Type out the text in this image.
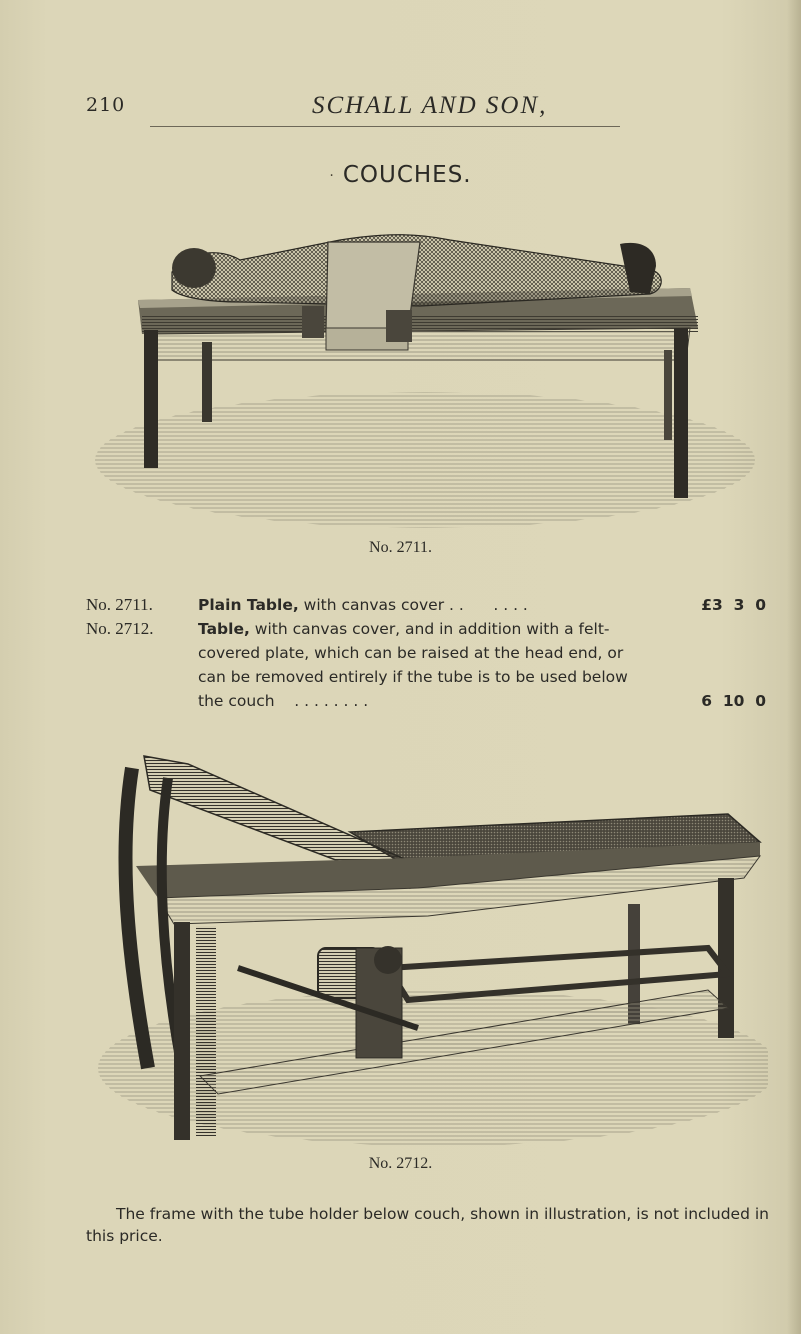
210	SCHALL AND SON,
· COUCHES.
No. 2711.
No. 2711.	Plain Table, with canvas cover . . . . . .	£3  3  0
No. 2712.	Table, with canvas cover, and in addition with a felt-covered plate, which can be raised at the head end, or can be removed entirely if the tube is to be used below the couch . . . . . . . .	6  10  0
No. 2712.
The frame with the tube holder below couch, shown in illustration, is not included in this price.
